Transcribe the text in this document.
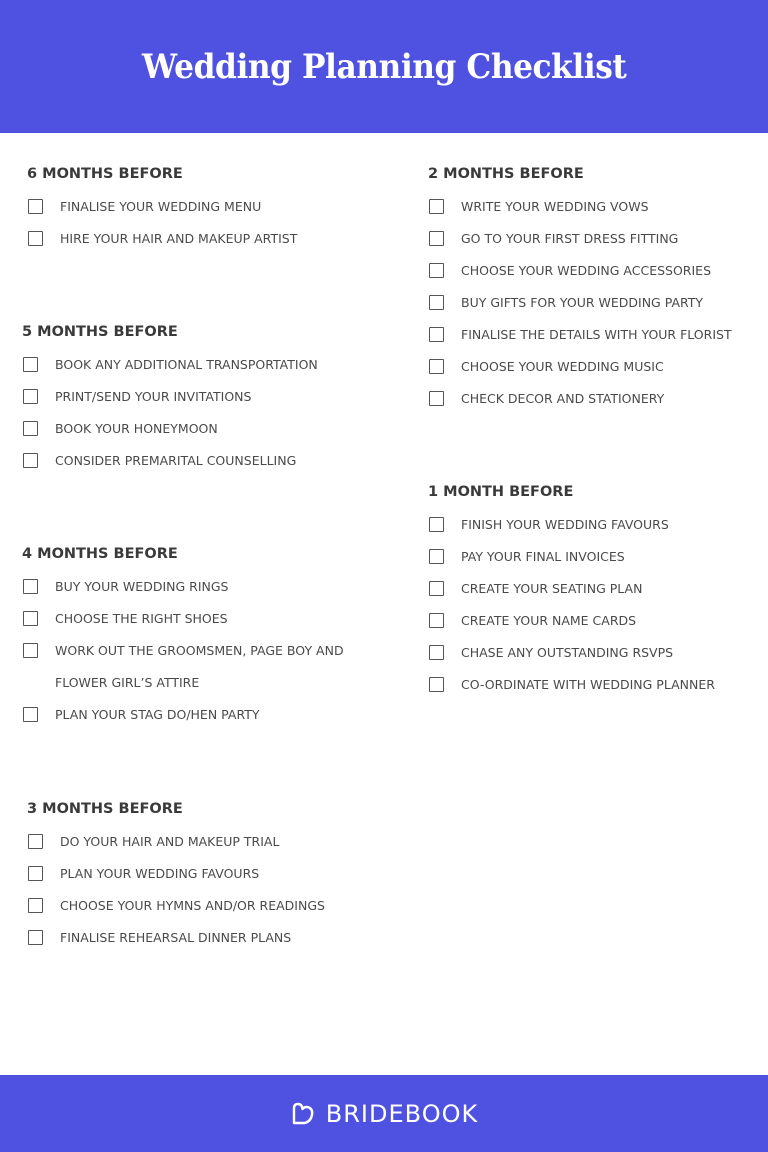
Wedding Planning Checklist
6 MONTHS BEFORE
FINALISE YOUR WEDDING MENU
HIRE YOUR HAIR AND MAKEUP ARTIST
5 MONTHS BEFORE
BOOK ANY ADDITIONAL TRANSPORTATION
PRINT/SEND YOUR INVITATIONS
BOOK YOUR HONEYMOON
CONSIDER PREMARITAL COUNSELLING
4 MONTHS BEFORE
BUY YOUR WEDDING RINGS
CHOOSE THE RIGHT SHOES
WORK OUT THE GROOMSMEN, PAGE BOY AND
FLOWER GIRL’S ATTIRE
PLAN YOUR STAG DO/HEN PARTY
3 MONTHS BEFORE
DO YOUR HAIR AND MAKEUP TRIAL
PLAN YOUR WEDDING FAVOURS
CHOOSE YOUR HYMNS AND/OR READINGS
FINALISE REHEARSAL DINNER PLANS
2 MONTHS BEFORE
WRITE YOUR WEDDING VOWS
GO TO YOUR FIRST DRESS FITTING
CHOOSE YOUR WEDDING ACCESSORIES
BUY GIFTS FOR YOUR WEDDING PARTY
FINALISE THE DETAILS WITH YOUR FLORIST
CHOOSE YOUR WEDDING MUSIC
CHECK DECOR AND STATIONERY
1 MONTH BEFORE
FINISH YOUR WEDDING FAVOURS
PAY YOUR FINAL INVOICES
CREATE YOUR SEATING PLAN
CREATE YOUR NAME CARDS
CHASE ANY OUTSTANDING RSVPS
CO-ORDINATE WITH WEDDING PLANNER
BRIDEBOOK
